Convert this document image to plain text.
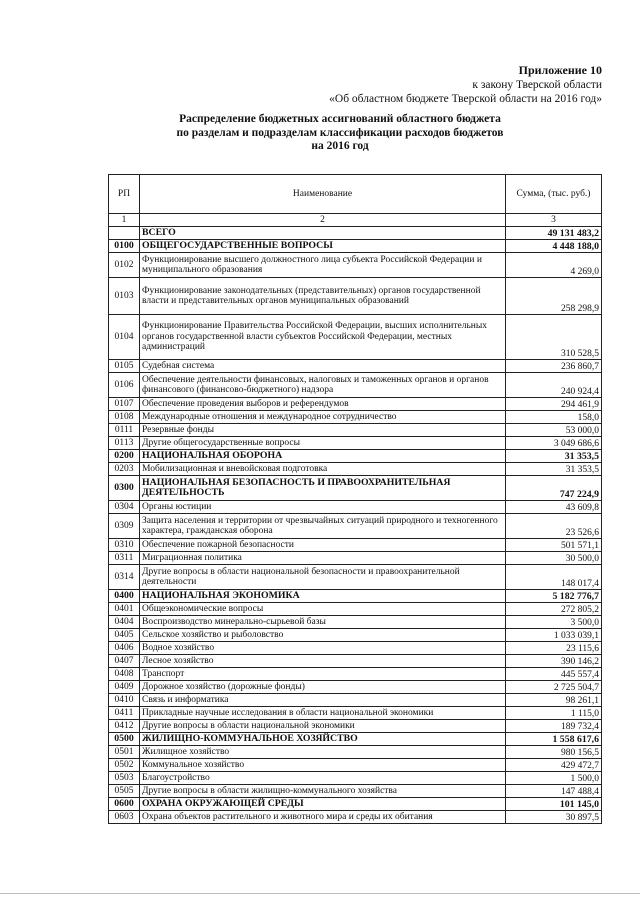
Приложение 10
к закону Тверской области
«Об областном бюджете Тверской области на 2016 год»
Распределение бюджетных ассигнований областного бюджета
по разделам и подразделам классификации расходов бюджетов
на 2016 год
РП	Наименование	Сумма, (тыс. руб.)
1	2	3
	ВСЕГО	49 131 483,2
0100	ОБЩЕГОСУДАРСТВЕННЫЕ ВОПРОСЫ	4 448 188,0
0102	Функционирование высшего должностного лица субъекта Российской Федерации и муниципального образования	4 269,0
0103	Функционирование законодательных (представительных) органов государственной власти и представительных органов муниципальных образований	258 298,9
0104	Функционирование Правительства Российской Федерации, высших исполнительных органов государственной власти субъектов Российской Федерации, местных администраций	310 528,5
0105	Судебная система	236 860,7
0106	Обеспечение деятельности финансовых, налоговых и таможенных органов и органов финансового (финансово-бюджетного) надзора	240 924,4
0107	Обеспечение проведения выборов и референдумов	294 461,9
0108	Международные отношения и международное сотрудничество	158,0
0111	Резервные фонды	53 000,0
0113	Другие общегосударственные вопросы	3 049 686,6
0200	НАЦИОНАЛЬНАЯ ОБОРОНА	31 353,5
0203	Мобилизационная и вневойсковая подготовка	31 353,5
0300	НАЦИОНАЛЬНАЯ БЕЗОПАСНОСТЬ И ПРАВООХРАНИТЕЛЬНАЯ ДЕЯТЕЛЬНОСТЬ	747 224,9
0304	Органы юстиции	43 609,8
0309	Защита населения и территории от чрезвычайных ситуаций природного и техногенного характера, гражданская оборона	23 526,6
0310	Обеспечение пожарной безопасности	501 571,1
0311	Миграционная политика	30 500,0
0314	Другие вопросы в области национальной безопасности и правоохранительной деятельности	148 017,4
0400	НАЦИОНАЛЬНАЯ ЭКОНОМИКА	5 182 776,7
0401	Общеэкономические вопросы	272 805,2
0404	Воспроизводство минерально-сырьевой базы	3 500,0
0405	Сельское хозяйство и рыболовство	1 033 039,1
0406	Водное хозяйство	23 115,6
0407	Лесное хозяйство	390 146,2
0408	Транспорт	445 557,4
0409	Дорожное хозяйство (дорожные фонды)	2 725 504,7
0410	Связь и информатика	98 261,1
0411	Прикладные научные исследования в области национальной экономики	1 115,0
0412	Другие вопросы в области национальной экономики	189 732,4
0500	ЖИЛИЩНО-КОММУНАЛЬНОЕ ХОЗЯЙСТВО	1 558 617,6
0501	Жилищное хозяйство	980 156,5
0502	Коммунальное хозяйство	429 472,7
0503	Благоустройство	1 500,0
0505	Другие вопросы в области жилищно-коммунального хозяйства	147 488,4
0600	ОХРАНА ОКРУЖАЮЩЕЙ СРЕДЫ	101 145,0
0603	Охрана объектов растительного и животного мира и среды их обитания	30 897,5
